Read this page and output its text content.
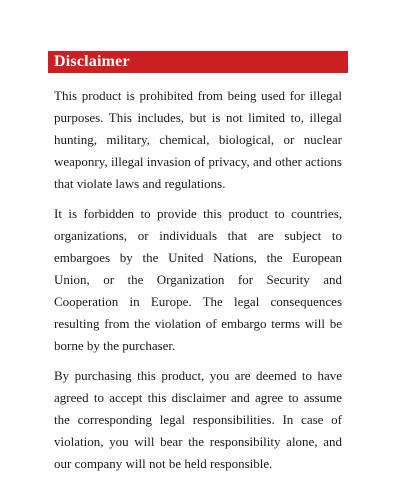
Disclaimer

This product is prohibited from being used for illegal purposes. This includes, but is not limited to, illegal hunting, military, chemical, biological, or nuclear weaponry, illegal invasion of privacy, and other actions that violate laws and regulations.

It is forbidden to provide this product to countries, organizations, or individuals that are subject to embargoes by the United Nations, the European Union, or the Organization for Security and Cooperation in Europe. The legal consequences resulting from the violation of embargo terms will be borne by the purchaser.

By purchasing this product, you are deemed to have agreed to accept this disclaimer and agree to assume the corresponding legal responsibilities. In case of violation, you will bear the responsibility alone, and our company will not be held responsible.
